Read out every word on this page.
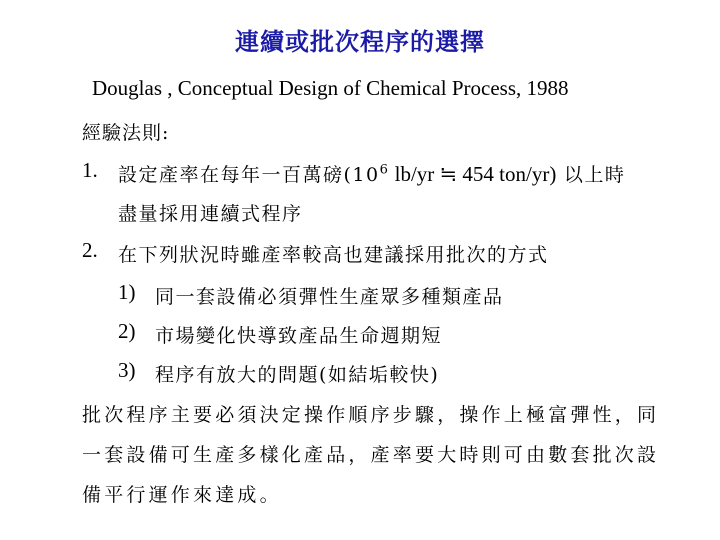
連續或批次程序的選擇
Douglas , Conceptual Design of Chemical Process, 1988
經驗法則:
1. 設定產率在每年一百萬磅($10^6$ lb/yr ≒ 454 ton/yr) 以上時
盡量採用連續式程序
2. 在下列狀況時雖產率較高也建議採用批次的方式
1) 同一套設備必須彈性生產眾多種類產品
2) 市場變化快導致產品生命週期短
3) 程序有放大的問題(如結垢較快)
批次程序主要必須決定操作順序步驟，操作上極富彈性，同
一套設備可生產多樣化產品，產率要大時則可由數套批次設
備平行運作來達成。
